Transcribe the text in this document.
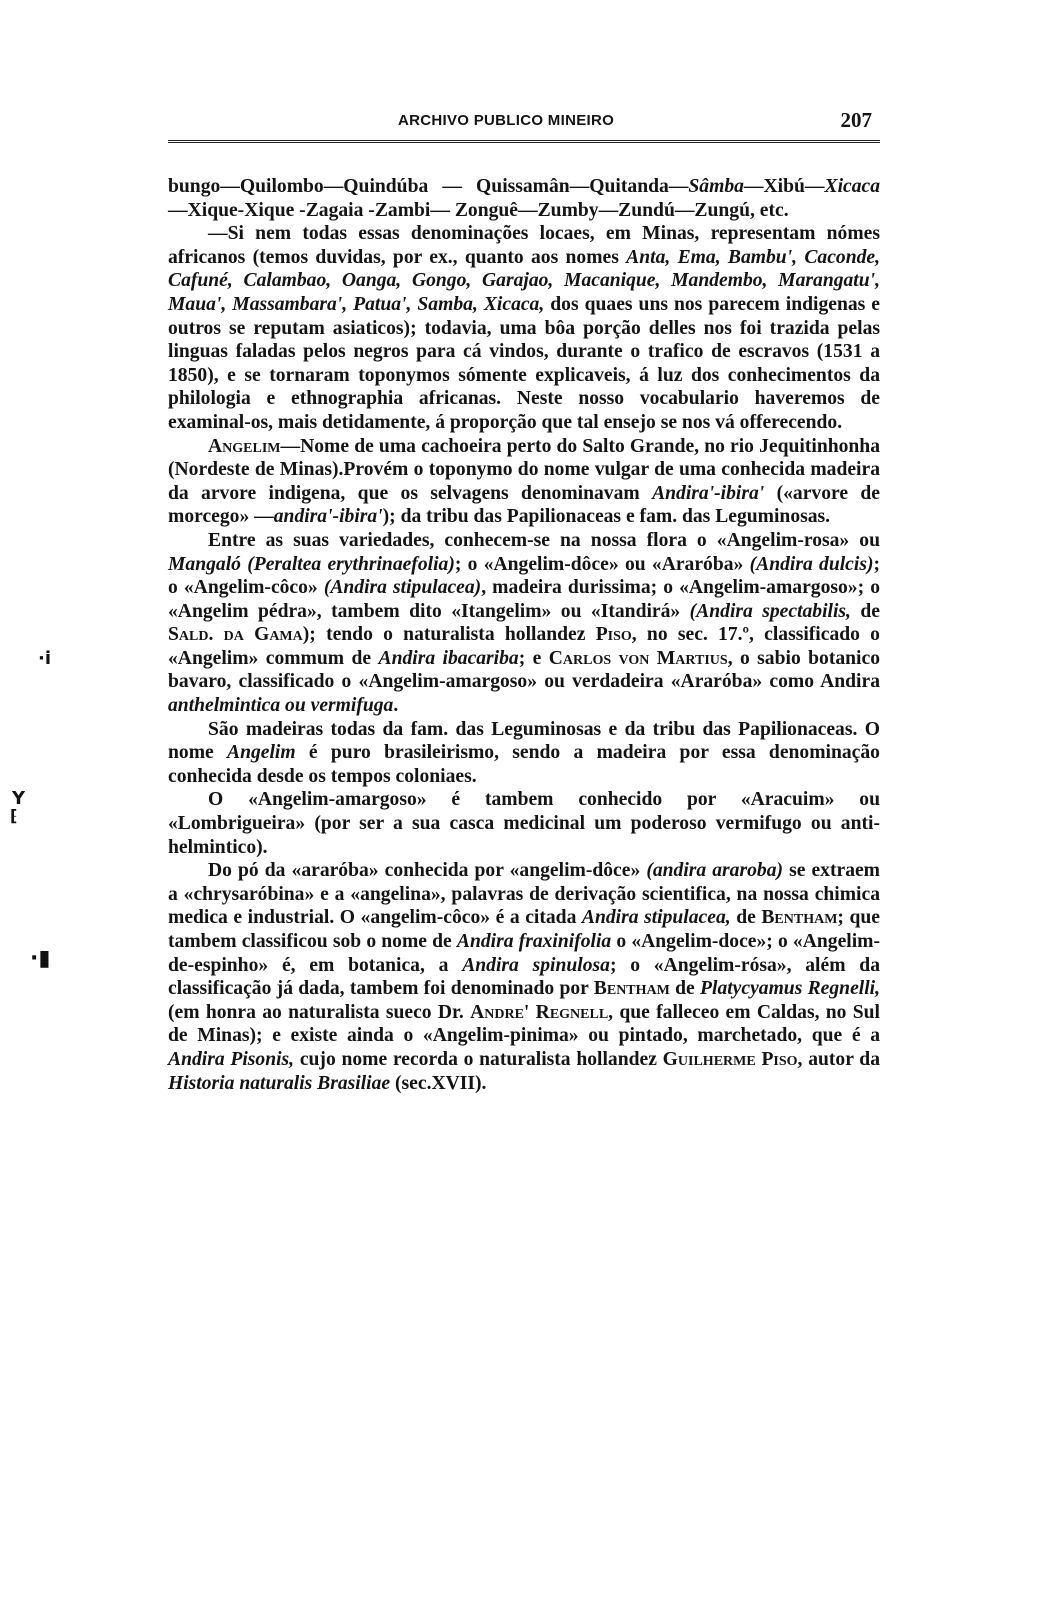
ARCHIVO PUBLICO MINEIRO	207
·i
Y
⁅
·▮

bungo—Quilombo—Quindúba — Quissamân—Quitanda—Sâmba—Xibú—Xicaca—Xique-Xique -Zagaia -Zambi— Zonguê—Zumby—Zundú—Zungú, etc.

—Si nem todas essas denominações locaes, em Minas, representam nómes africanos (temos duvidas, por ex., quanto aos nomes Anta, Ema, Bambu', Caconde, Cafuné, Calambao, Oanga, Gongo, Garajao, Macanique, Mandembo, Marangatu', Maua', Massambara', Patua', Samba, Xicaca, dos quaes uns nos parecem indigenas e outros se reputam asiaticos); todavia, uma bôa porção delles nos foi trazida pelas linguas faladas pelos negros para cá vindos, durante o trafico de escravos (1531 a 1850), e se tornaram toponymos sómente explicaveis, á luz dos conhecimentos da philologia e ethnographia africanas. Neste nosso vocabulario haveremos de examinal-os, mais detidamente, á proporção que tal ensejo se nos vá offerecendo.

Angelim—Nome de uma cachoeira perto do Salto Grande, no rio Jequitinhonha (Nordeste de Minas).Provém o toponymo do nome vulgar de uma conhecida madeira da arvore indigena, que os selvagens denominavam Andira'-ibira' («arvore de morcego» —andira'-ibira'); da tribu das Papilionaceas e fam. das Leguminosas.

Entre as suas variedades, conhecem-se na nossa flora o «Angelim-rosa» ou Mangaló (Peraltea erythrinaefolia); o «Angelim-dôce» ou «Araróba» (Andira dulcis); o «Angelim-côco» (Andira stipulacea), madeira durissima; o «Angelim-amargoso»; o «Angelim pédra», tambem dito «Itangelim» ou «Itandirá» (Andira spectabilis, de Sald. da Gama); tendo o naturalista hollandez Piso, no sec. 17.º, classificado o «Angelim» commum de Andira ibacariba; e Carlos von Martius, o sabio botanico bavaro, classificado o «Angelim-amargoso» ou verdadeira «Araróba» como Andira anthelmintica ou vermifuga.

São madeiras todas da fam. das Leguminosas e da tribu das Papilionaceas. O nome Angelim é puro brasileirismo, sendo a madeira por essa denominação conhecida desde os tempos coloniaes.

O «Angelim-amargoso» é tambem conhecido por «Aracuim» ou «Lombrigueira» (por ser a sua casca medicinal um poderoso vermifugo ou anti-helmintico).

Do pó da «araróba» conhecida por «angelim-dôce» (andira araroba) se extraem a «chrysaróbina» e a «angelina», palavras de derivação scientifica, na nossa chimica medica e industrial. O «angelim-côco» é a citada Andira stipulacea, de Bentham; que tambem classificou sob o nome de Andira fraxinifolia o «Angelim-doce»; o «Angelim-de-espinho» é, em botanica, a Andira spinulosa; o «Angelim-rósa», além da classificação já dada, tambem foi denominado por Bentham de Platycyamus Regnelli, (em honra ao naturalista sueco Dr. Andre' Regnell, que falleceo em Caldas, no Sul de Minas); e existe ainda o «Angelim-pinima» ou pintado, marchetado, que é a Andira Pisonis, cujo nome recorda o naturalista hollandez Guilherme Piso, autor da Historia naturalis Brasiliae (sec.XVII).
